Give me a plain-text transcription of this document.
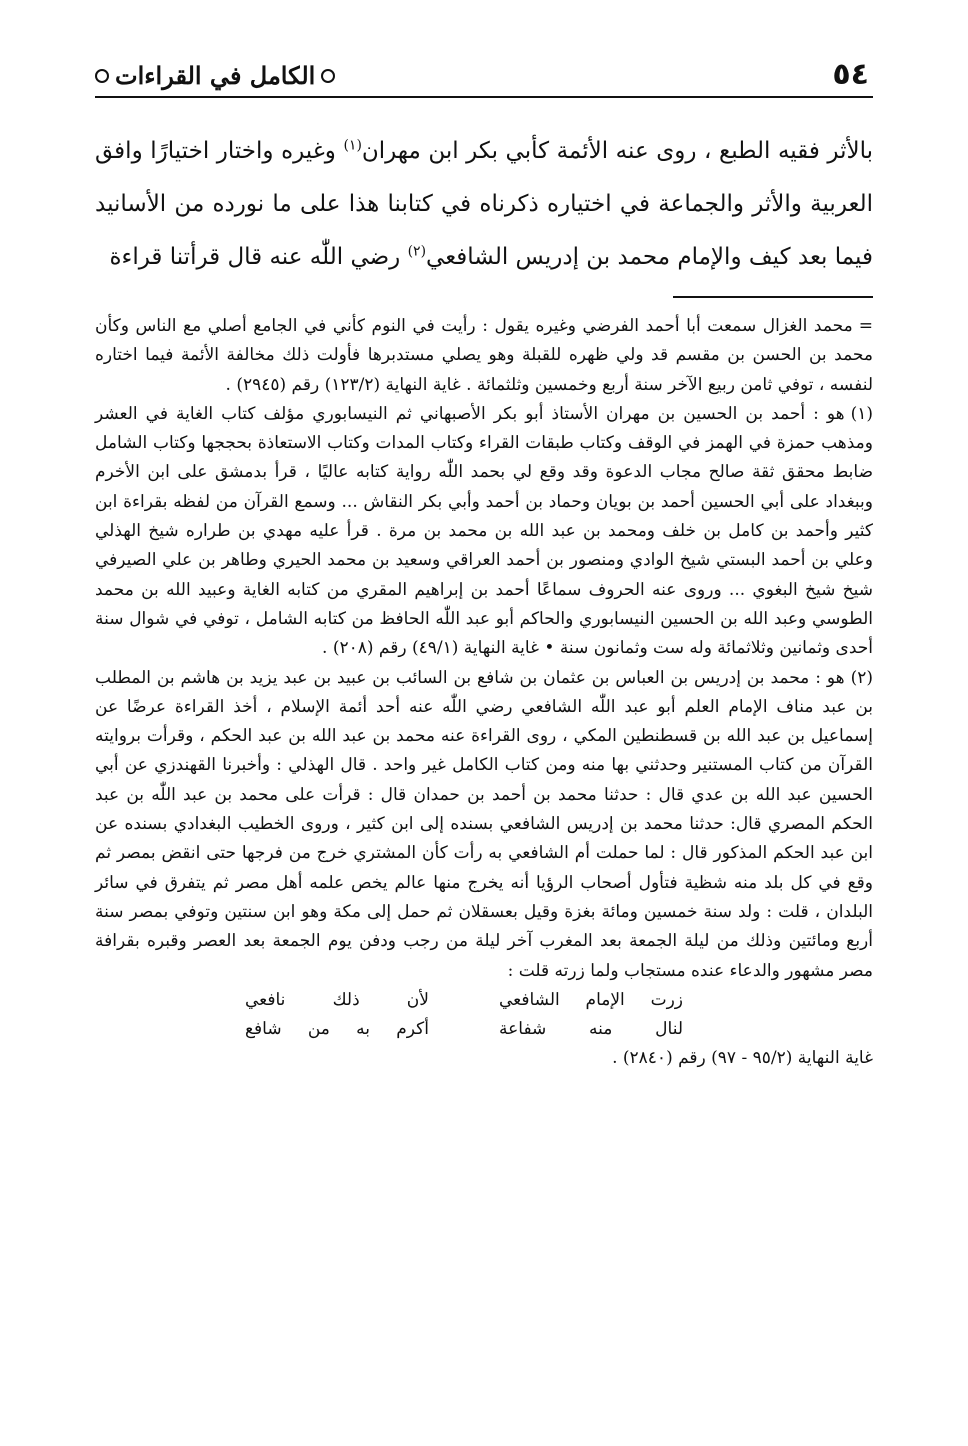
٥٤
الكامل في القراءات

بالأثر فقيه الطبع ، روى عنه الأئمة كأبي بكر ابن مهران$^{(١)}$ وغيره واختار اختيارًا وافق العربية والأثر والجماعة في اختياره ذكرناه في كتابنا هذا على ما نورده من الأسانيد فيما بعد كيف والإمام محمد بن إدريس الشافعي$^{(٢)}$ رضي اللّٰه عنه قال قرأتنا قراءة

=محمد الغزال سمعت أبا أحمد الفرضي وغيره يقول : رأيت في النوم كأني في الجامع أصلي مع الناس وكأن محمد بن الحسن بن مقسم قد ولي ظهره للقبلة وهو يصلي مستدبرها فأولت ذلك مخالفة الأئمة فيما اختاره لنفسه ، توفي ثامن ربيع الآخر سنة أربع وخمسين وثلثمائة . غاية النهاية (١٢٣/٢) رقم (٢٩٤٥) .

(١)هو : أحمد بن الحسين بن مهران الأستاذ أبو بكر الأصبهاني ثم النيسابوري مؤلف كتاب الغاية في العشر ومذهب حمزة في الهمز في الوقف وكتاب طبقات القراء وكتاب المدات وكتاب الاستعاذة بحججها وكتاب الشامل ضابط محقق ثقة صالح مجاب الدعوة وقد وقع لي بحمد اللّٰه رواية كتابه عاليًا ، قرأ بدمشق على ابن الأخرم وببغداد على أبي الحسين أحمد بن بويان وحماد بن أحمد وأبي بكر النقاش ... وسمع القرآن من لفظه بقراءة ابن كثير وأحمد بن كامل بن خلف ومحمد بن عبد الله بن محمد بن مرة . قرأ عليه مهدي بن طراره شيخ الهذلي وعلي بن أحمد البستي شيخ الوادي ومنصور بن أحمد العراقي وسعيد بن محمد الحيري وطاهر بن علي الصيرفي شيخ شيخ البغوي ... وروى عنه الحروف سماعًا أحمد بن إبراهيم المقري من كتابه الغاية وعبيد الله بن محمد الطوسي وعبد الله بن الحسين النيسابوري والحاكم أبو عبد اللّٰه الحافظ من كتابه الشامل ، توفي في شوال سنة أحدى وثمانين وثلاثمائة وله ست وثمانون سنة • غاية النهاية (٤٩/١) رقم (٢٠٨) .

(٢)هو : محمد بن إدريس بن العباس بن عثمان بن شافع بن السائب بن عبيد بن عبد يزيد بن هاشم بن المطلب بن عبد مناف الإمام العلم أبو عبد اللّٰه الشافعي رضي اللّٰه عنه أحد أئمة الإسلام ، أخذ القراءة عرضًا عن إسماعيل بن عبد الله بن قسطنطين المكي ، روى القراءة عنه محمد بن عبد الله بن عبد الحكم ، وقرأت بروايته القرآن من كتاب المستنير وحدثني بها منه ومن كتاب الكامل غير واحد . قال الهذلي : وأخبرنا القهندزي عن أبي الحسين عبد الله بن عدي قال : حدثنا محمد بن أحمد بن حمدان قال : قرأت على محمد بن عبد اللّٰه بن عبد الحكم المصري قال: حدثنا محمد بن إدريس الشافعي بسنده إلى ابن كثير ، وروى الخطيب البغدادي بسنده عن ابن عبد الحكم المذكور قال : لما حملت أم الشافعي به رأت كأن المشتري خرج من فرجها حتى انقض بمصر ثم وقع في كل بلد منه شظية فتأول أصحاب الرؤيا أنه يخرج منها عالم يخص علمه أهل مصر ثم يتفرق في سائر البلدان ، قلت : ولد سنة خمسين ومائة بغزة وقيل بعسقلان ثم حمل إلى مكة وهو ابن سنتين وتوفي بمصر سنة أربع ومائتين وذلك من ليلة الجمعة بعد المغرب آخر ليلة من رجب ودفن يوم الجمعة بعد العصر وقبره بقرافة مصر مشهور والدعاء عنده مستجاب ولما زرته قلت :

زرت الإمام الشافعي
لأن ذلك نافعي
لنال منه شفاعة
أكرم به من شافع

غاية النهاية (٩٥/٢ - ٩٧) رقم (٢٨٤٠) .
